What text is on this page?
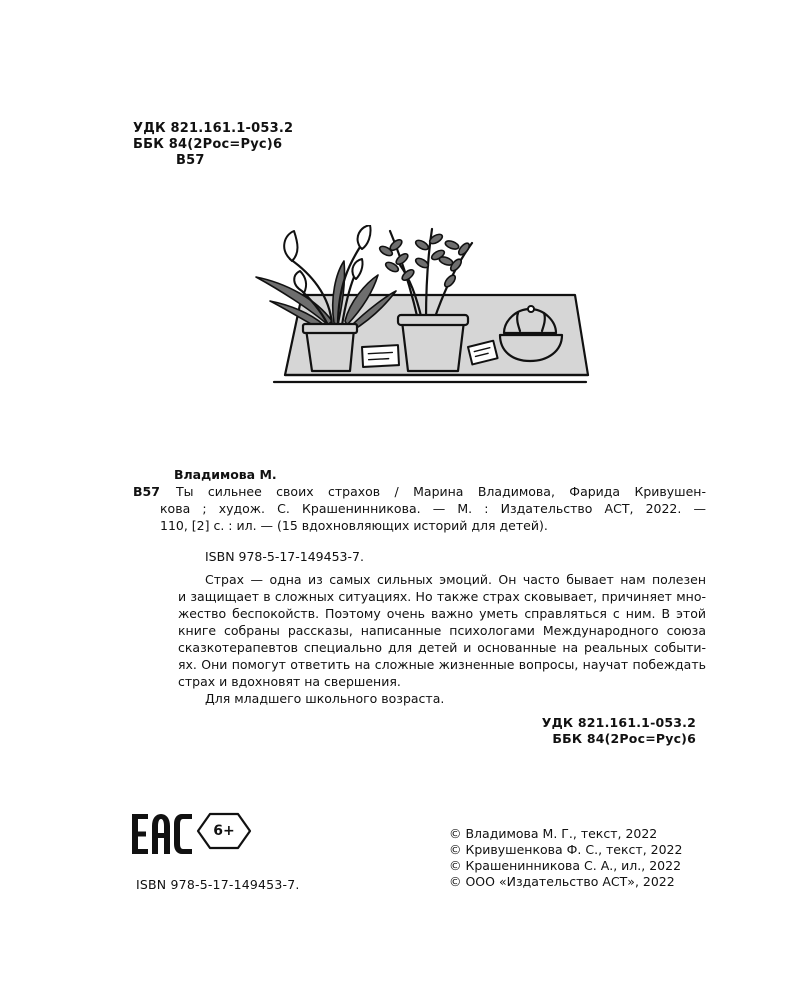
УДК 821.161.1-053.2
ББК 84(2Рос=Рус)6
В57
Владимова М.
В57 Ты сильнее своих страхов / Марина Владимова, Фарида Кривушен-
кова ; худож. С. Крашенинникова. — М. : Издательство АСТ, 2022. —
110, [2] с. : ил. — (15 вдохновляющих историй для детей).
ISBN 978-5-17-149453-7.
Страх — одна из самых сильных эмоций. Он часто бывает нам полезен
и защищает в сложных ситуациях. Но также страх сковывает, причиняет мно-
жество беспокойств. Поэтому очень важно уметь справляться с ним. В этой
книге собраны рассказы, написанные психологами Международного союза
сказкотерапевтов специально для детей и основанные на реальных событи-
ях. Они помогут ответить на сложные жизненные вопросы, научат побеждать
страх и вдохновят на свершения.
Для младшего школьного возраста.
УДК 821.161.1-053.2
ББК 84(2Рос=Рус)6
6+
ISBN 978-5-17-149453-7.
© Владимова М. Г., текст, 2022
© Кривушенкова Ф. С., текст, 2022
© Крашенинникова С. А., ил., 2022
© ООО «Издательство АСТ», 2022
